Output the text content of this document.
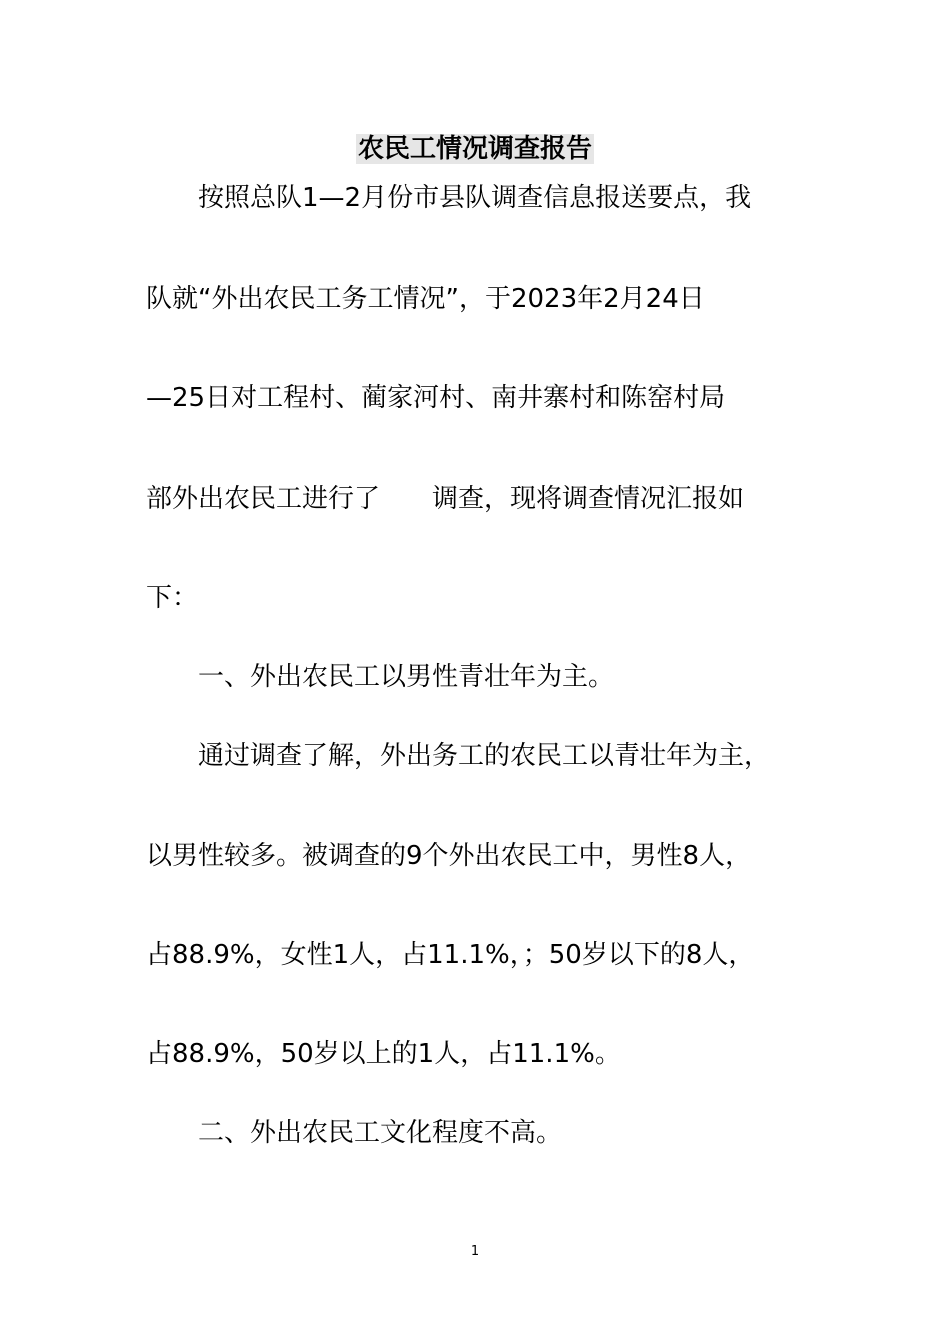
农民工情况调查报告
　　按照总队1—2月份市县队调查信息报送要点，我
队就“外出农民工务工情况”，于2023年2月24日
—25日对工程村、蔺家河村、南井寨村和陈窑村局
部外出农民工进行了　　调查，现将调查情况汇报如
下：
　　一、外出农民工以男性青壮年为主。
　　通过调查了解，外出务工的农民工以青壮年为主，
以男性较多。被调查的9个外出农民工中，男性8人，
占88.9%，女性1人，占11.1%，；50岁以下的8人，
占88.9%，50岁以上的1人，占11.1%。
　　二、外出农民工文化程度不高。
1
